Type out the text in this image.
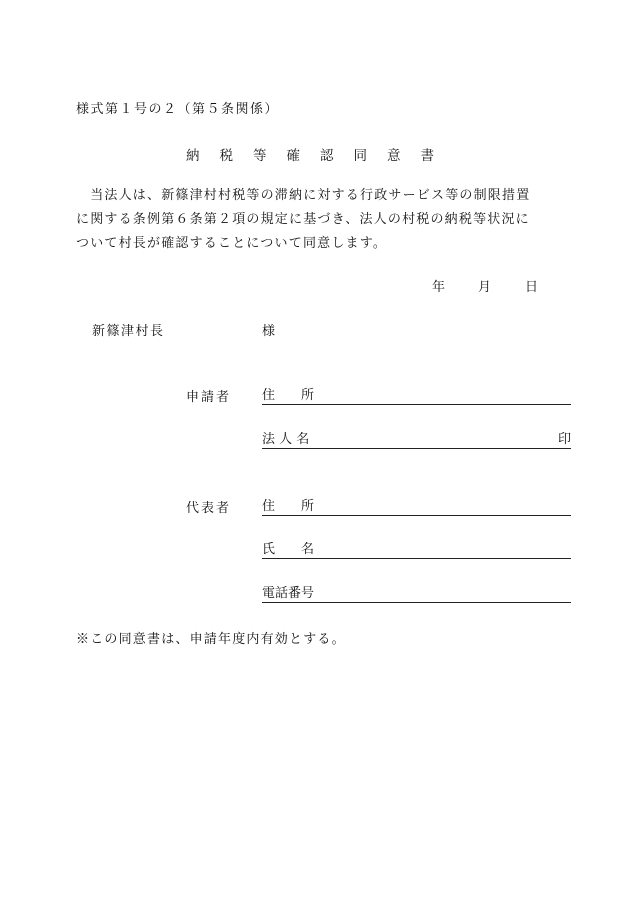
様式第１号の２（第５条関係）
納税等確認同意書
　当法人は、新篠津村村税等の滞納に対する行政サービス等の制限措置
に関する条例第６条第２項の規定に基づき、法人の村税の納税等状況に
ついて村長が確認することについて同意します。
年	月	日
新篠津村長	様
申請者 住　　所
法 人 名	印
代表者 住　　所
氏　　名
電話番号
※この同意書は、申請年度内有効とする。
